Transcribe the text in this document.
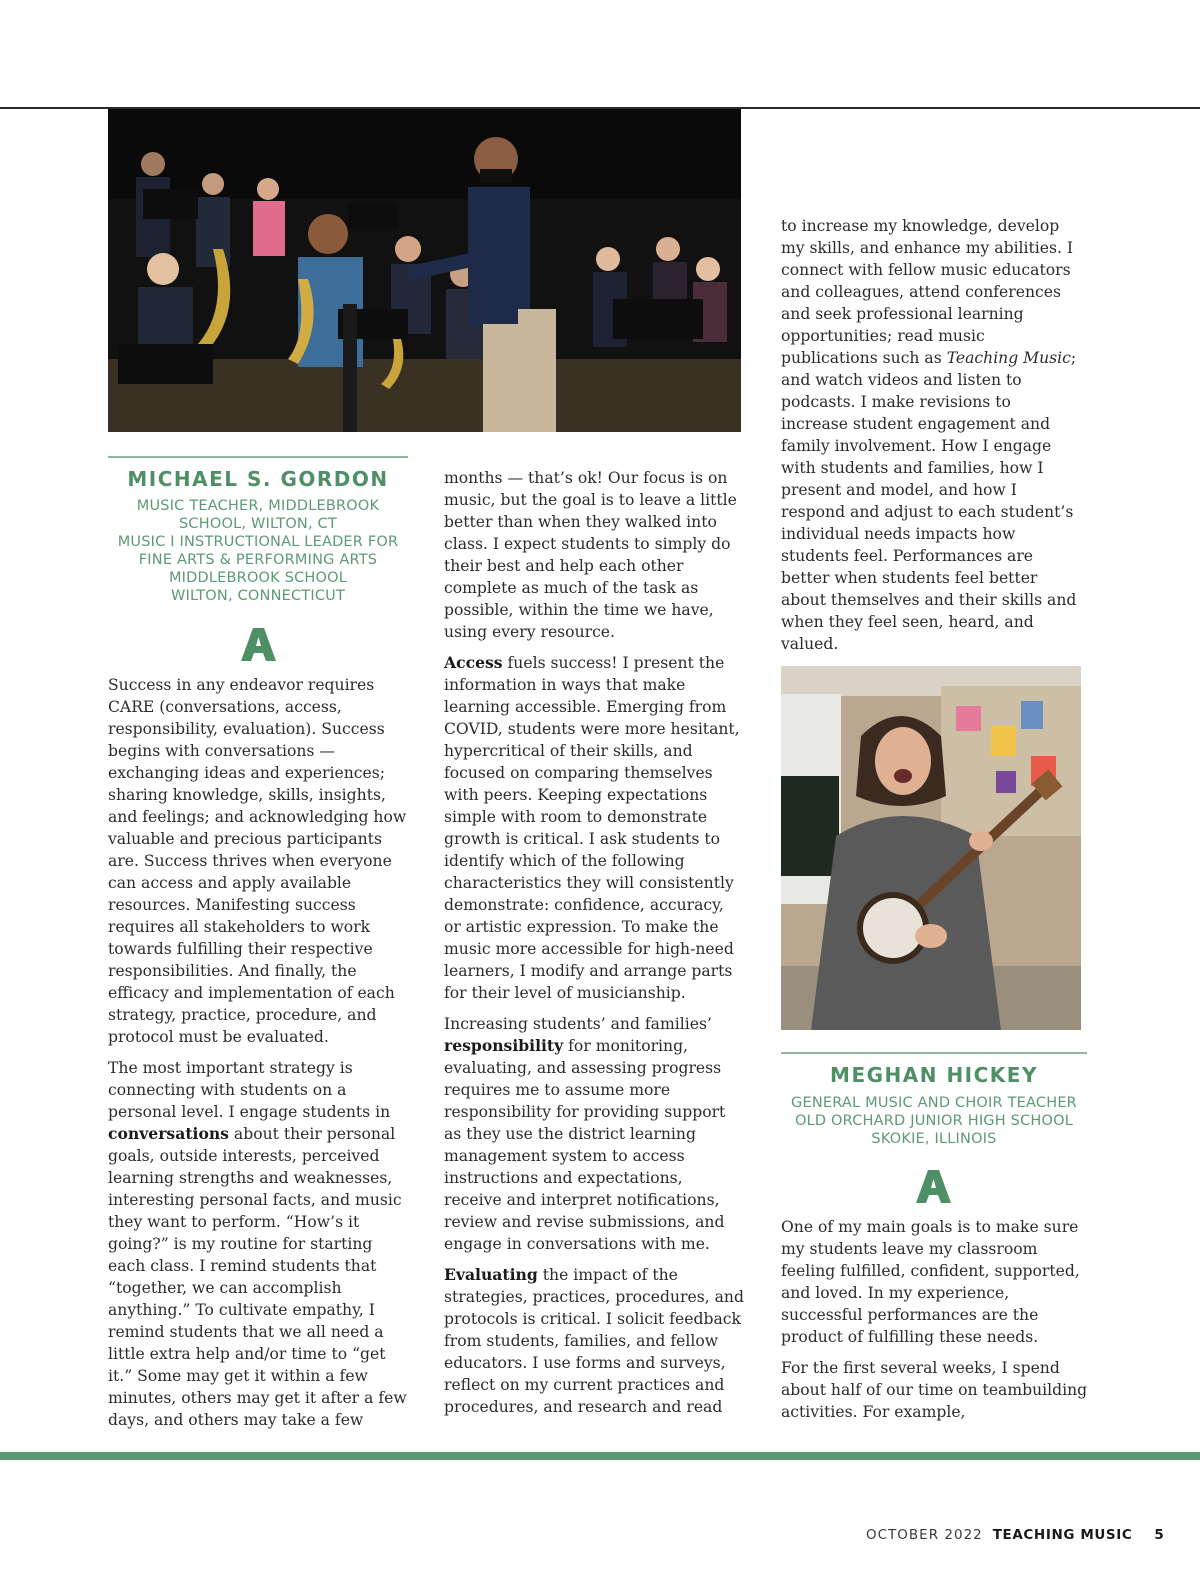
MICHAEL S. GORDON
MUSIC TEACHER, MIDDLEBROOK
SCHOOL, WILTON, CT
MUSIC I INSTRUCTIONAL LEADER FOR
FINE ARTS & PERFORMING ARTS
MIDDLEBROOK SCHOOL
WILTON, CONNECTICUT
MEGHAN HICKEY
GENERAL MUSIC AND CHOIR TEACHER
OLD ORCHARD JUNIOR HIGH SCHOOL
SKOKIE, ILLINOIS

Success in any endeavor requires CARE (conversations, access, responsibility, evaluation). Success begins with conversations — exchanging ideas and experiences; sharing knowledge, skills, insights, and feelings; and acknowledging how valuable and precious participants are. Success thrives when everyone can access and apply available resources. Manifesting success requires all stakeholders to work towards fulfilling their respective responsibilities. And finally, the efficacy and implementation of each strategy, practice, procedure, and protocol must be evaluated.

The most important strategy is connecting with students on a personal level. I engage students in conversations about their personal goals, outside interests, perceived learning strengths and weaknesses, interesting personal facts, and music they want to perform. “How’s it going?” is my routine for starting each class. I remind students that “together, we can accomplish anything.” To cultivate empathy, I remind students that we all need a little extra help and/or time to “get it.” Some may get it within a few minutes, others may get it after a few days, and others may take a few

months — that’s ok! Our focus is on music, but the goal is to leave a little better than when they walked into class. I expect students to simply do their best and help each other complete as much of the task as possible, within the time we have, using every resource.

Access fuels success! I present the information in ways that make learning accessible. Emerging from COVID, students were more hesitant, hypercritical of their skills, and focused on comparing themselves with peers. Keeping expectations simple with room to demonstrate growth is critical. I ask students to identify which of the following characteristics they will consistently demonstrate: confidence, accuracy, or artistic expression. To make the music more accessible for high-need learners, I modify and arrange parts for their level of musicianship.

Increasing students’ and families’ responsibility for monitoring, evaluating, and assessing progress requires me to assume more responsibility for providing support as they use the district learning management system to access instructions and expectations, receive and interpret notifications, review and revise submissions, and engage in conversations with me.

Evaluating the impact of the strategies, practices, procedures, and protocols is critical. I solicit feedback from students, families, and fellow educators. I use forms and surveys, reflect on my current practices and procedures, and research and read

to increase my knowledge, develop my skills, and enhance my abilities. I connect with fellow music educators and colleagues, attend conferences and seek professional learning opportunities; read music publications such as Teaching Music; and watch videos and listen to podcasts. I make revisions to increase student engagement and family involvement. How I engage with students and families, how I present and model, and how I respond and adjust to each student’s individual needs impacts how students feel. Performances are better when students feel better about themselves and their skills and when they feel seen, heard, and valued.

One of my main goals is to make sure my students leave my classroom feeling fulfilled, confident, supported, and loved. In my experience, successful performances are the product of fulfilling these needs.

For the first several weeks, I spend about half of our time on teambuilding activities. For example,

OCTOBER 2022 TEACHING MUSIC 5
